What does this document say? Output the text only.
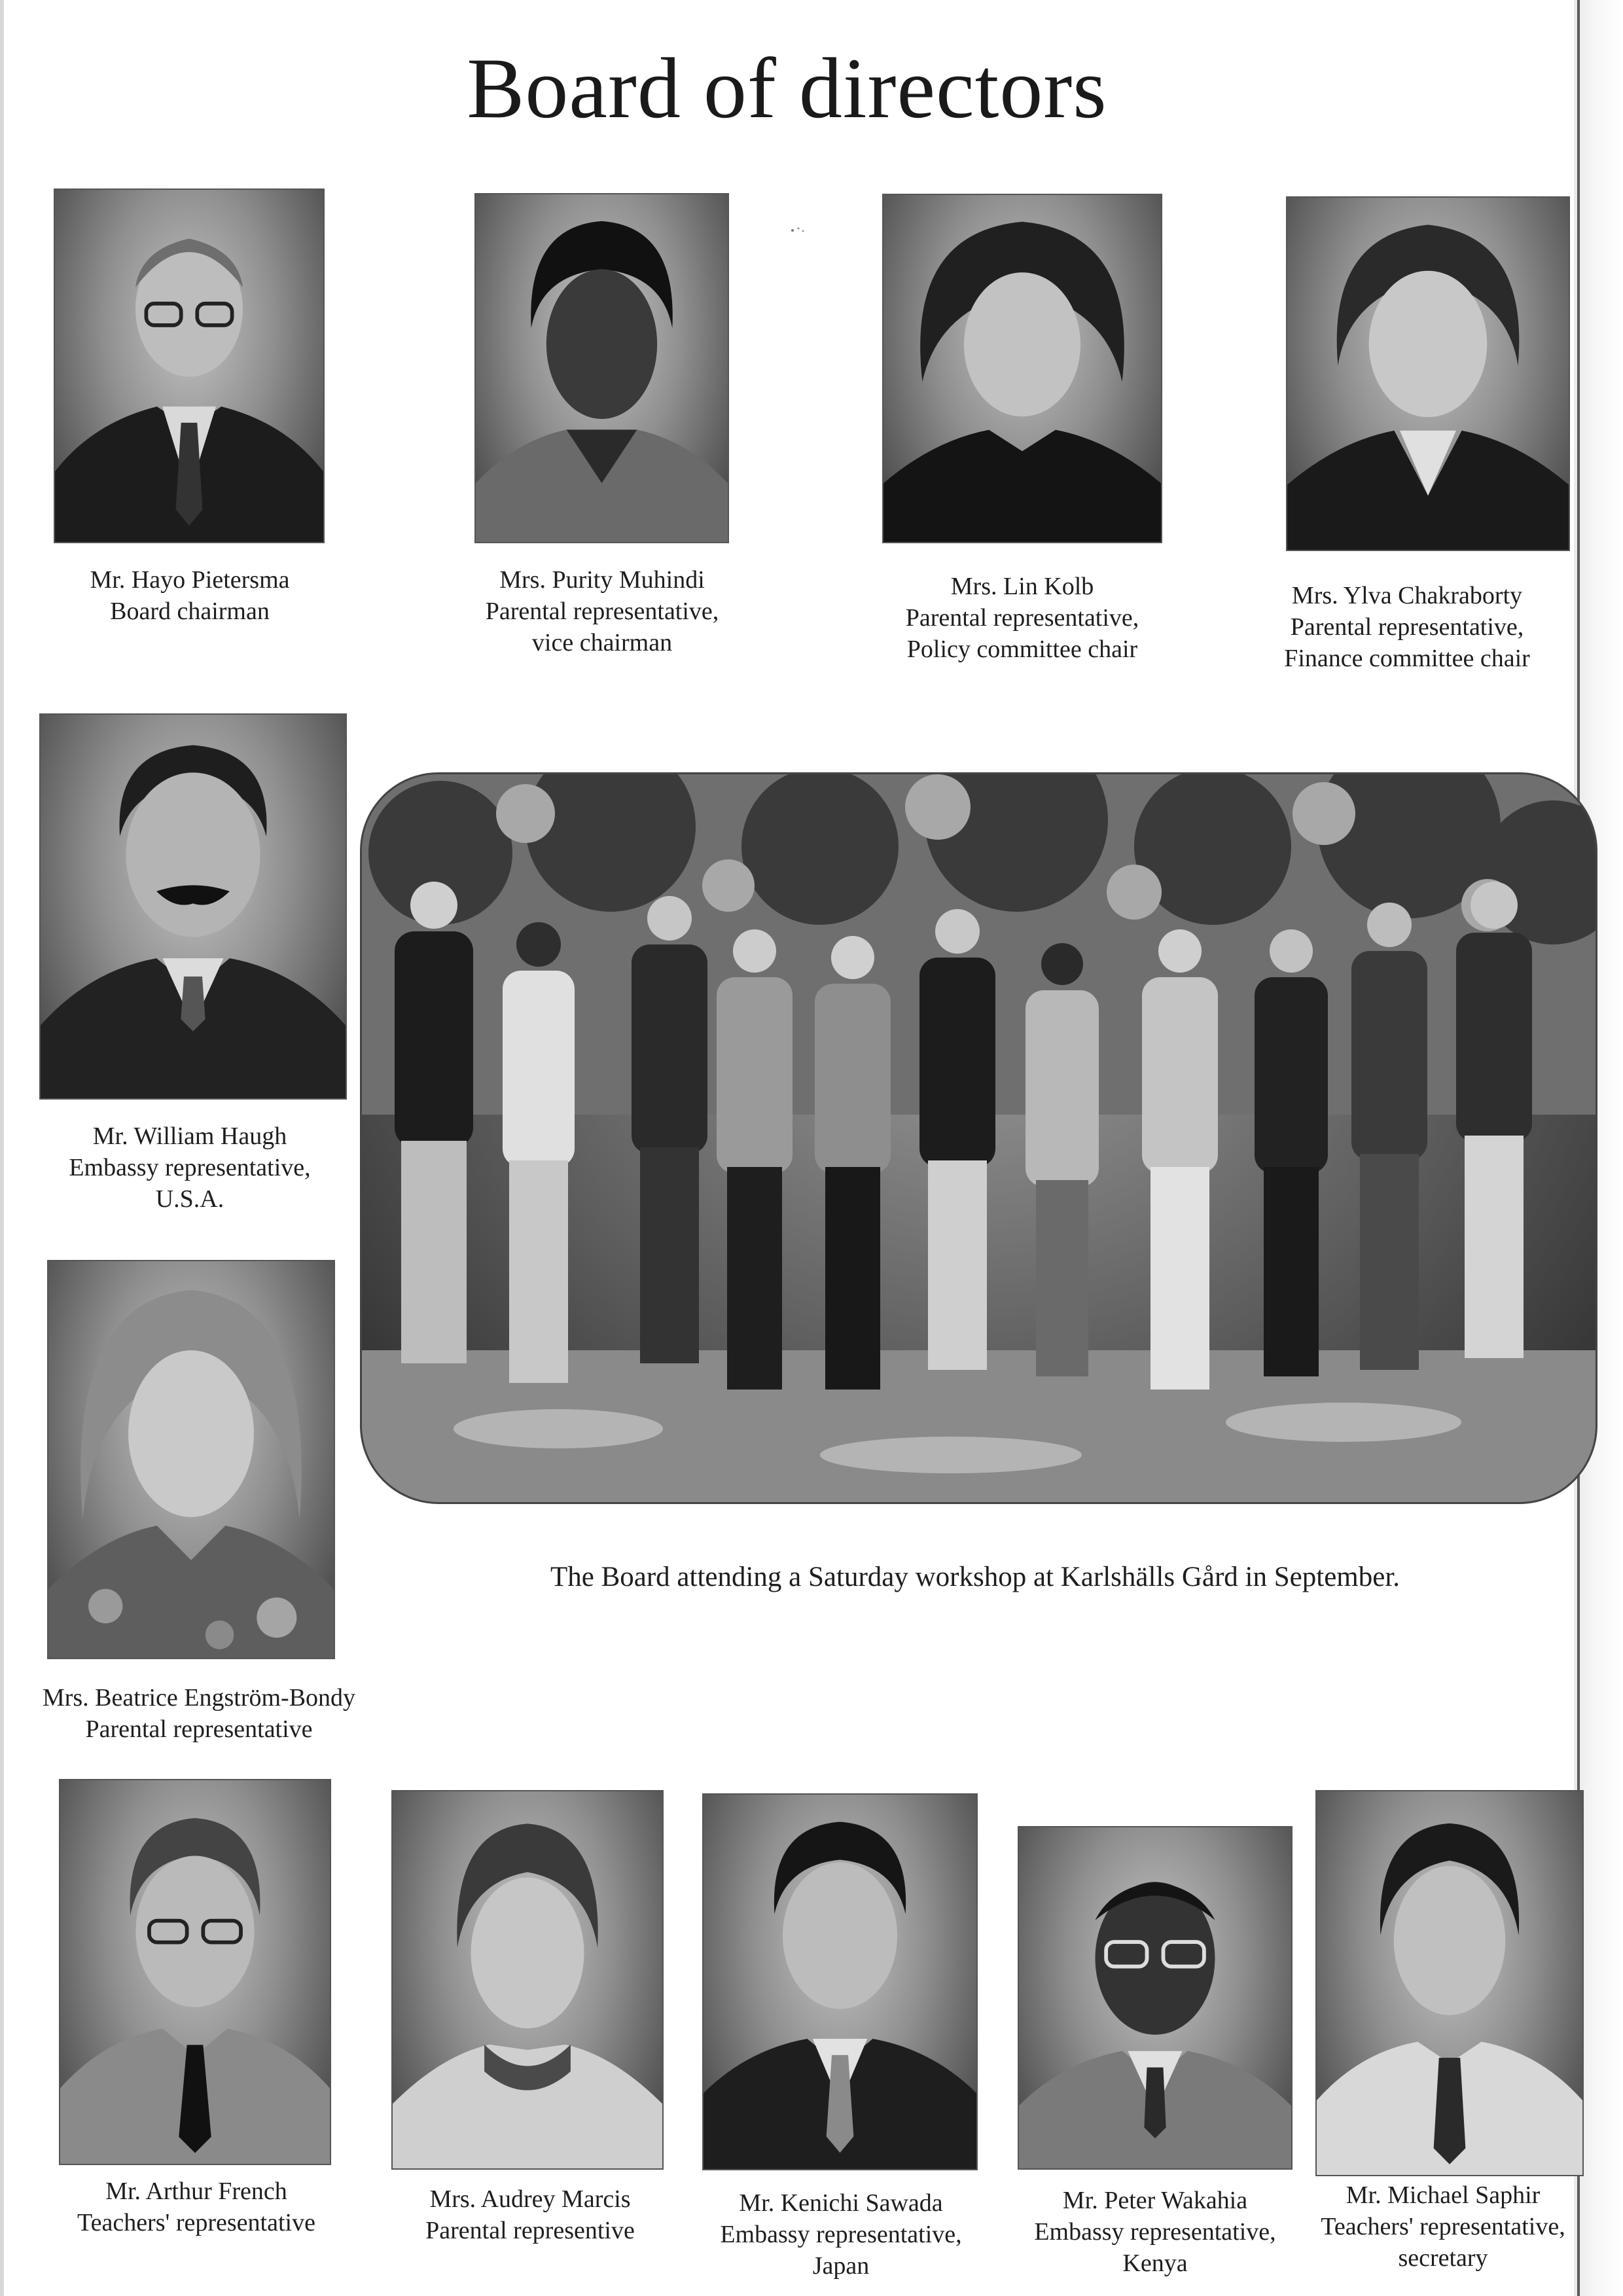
Board of directors
Mr. Hayo Pietersma
Board chairman
Mrs. Purity Muhindi
Parental representative,
vice chairman
Mrs. Lin Kolb
Parental representative,
Policy committee chair
Mrs. Ylva Chakraborty
Parental representative,
Finance committee chair
Mr. William Haugh
Embassy representative,
U.S.A.
Mrs. Beatrice Engström-Bondy
Parental representative
Mr. Arthur French
Teachers' representative
Mrs. Audrey Marcis
Parental representive
Mr. Kenichi Sawada
Embassy representative,
Japan
Mr. Peter Wakahia
Embassy representative,
Kenya
Mr. Michael Saphir
Teachers' representative,
secretary
The Board attending a Saturday workshop at Karlshälls Gård in September.
